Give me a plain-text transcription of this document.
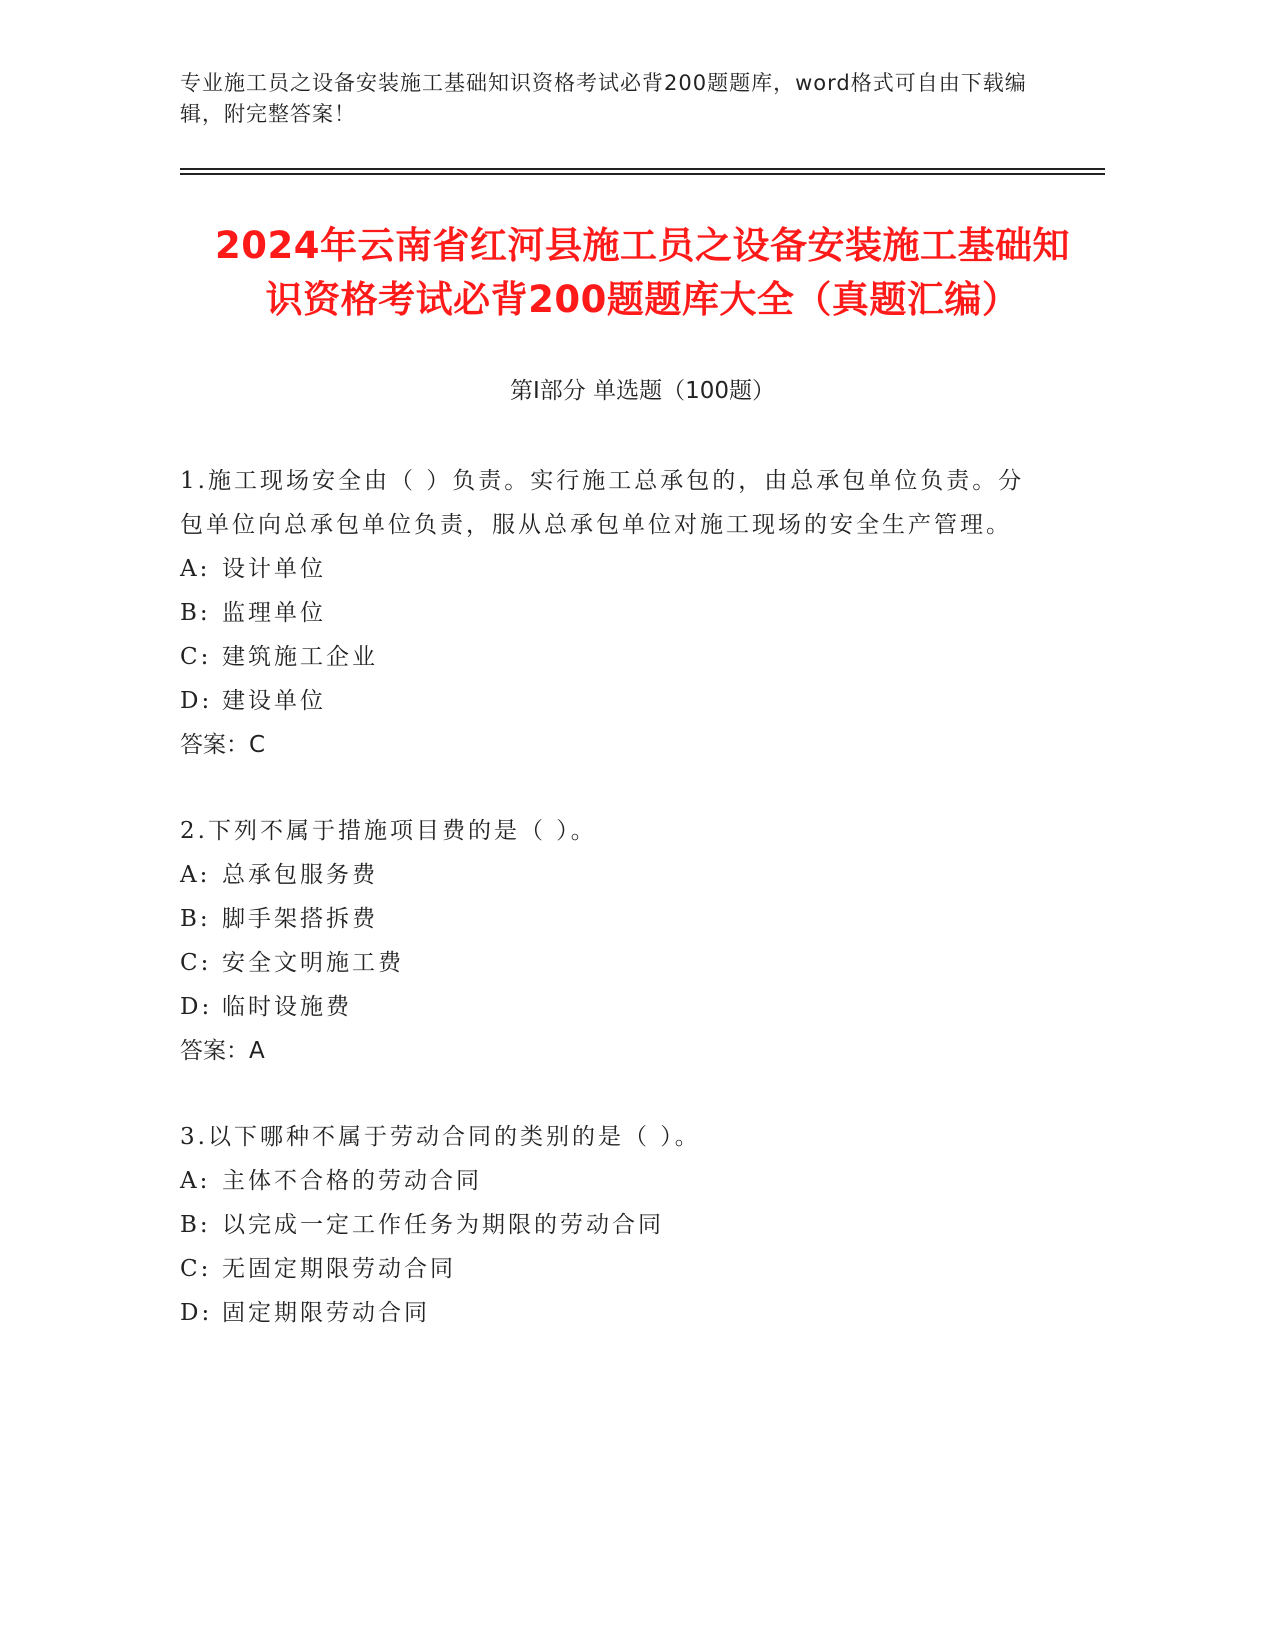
专业施工员之设备安装施工基础知识资格考试必背200题题库，word格式可自由下载编辑，附完整答案！
2024年云南省红河县施工员之设备安装施工基础知识资格考试必背200题题库大全（真题汇编）
第I部分 单选题（100题）
1.施工现场安全由（ ）负责。实行施工总承包的，由总承包单位负责。分包单位向总承包单位负责，服从总承包单位对施工现场的安全生产管理。
A: 设计单位
B: 监理单位
C: 建筑施工企业
D: 建设单位
答案：C
2.下列不属于措施项目费的是（ ）。
A: 总承包服务费
B: 脚手架搭拆费
C: 安全文明施工费
D: 临时设施费
答案：A
3.以下哪种不属于劳动合同的类别的是（ ）。
A: 主体不合格的劳动合同
B: 以完成一定工作任务为期限的劳动合同
C: 无固定期限劳动合同
D: 固定期限劳动合同
